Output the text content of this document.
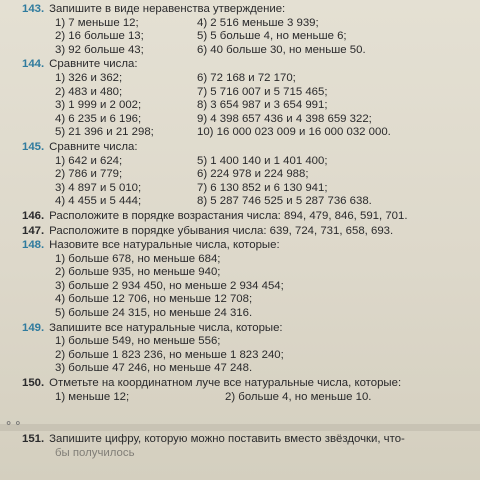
143. Запишите в виде неравенства утверждение:
1) 7 меньше 12;
2) 16 больше 13;
3) 92 больше 43;
4) 2 516 меньше 3 939;
5) 5 больше 4, но меньше 6;
6) 40 больше 30, но меньше 50.
144. Сравните числа:
1) 326 и 362;
2) 483 и 480;
3) 1 999 и 2 002;
4) 6 235 и 6 196;
5) 21 396 и 21 298;
6) 72 168 и 72 170;
7) 5 716 007 и 5 715 465;
8) 3 654 987 и 3 654 991;
9) 4 398 657 436 и 4 398 659 322;
10) 16 000 023 009 и 16 000 032 000.
145. Сравните числа:
1) 642 и 624;
2) 786 и 779;
3) 4 897 и 5 010;
4) 4 455 и 5 444;
5) 1 400 140 и 1 401 400;
6) 224 978 и 224 988;
7) 6 130 852 и 6 130 941;
8) 5 287 746 525 и 5 287 736 638.
146. Расположите в порядке возрастания числа: 894, 479, 846, 591, 701.
147. Расположите в порядке убывания числа: 639, 724, 731, 658, 693.
148. Назовите все натуральные числа, которые:
1) больше 678, но меньше 684;
2) больше 935, но меньше 940;
3) больше 2 934 450, но меньше 2 934 454;
4) больше 12 706, но меньше 12 708;
5) больше 24 315, но меньше 24 316.
149. Запишите все натуральные числа, которые:
1) больше 549, но меньше 556;
2) больше 1 823 236, но меньше 1 823 240;
3) больше 47 246, но меньше 47 248.
150. Отметьте на координатном луче все натуральные числа, которые:
1) меньше 12;	2) больше 4, но меньше 10.
⚬⚬
151. Запишите цифру, которую можно поставить вместо звёздочки, что-
бы получилось
